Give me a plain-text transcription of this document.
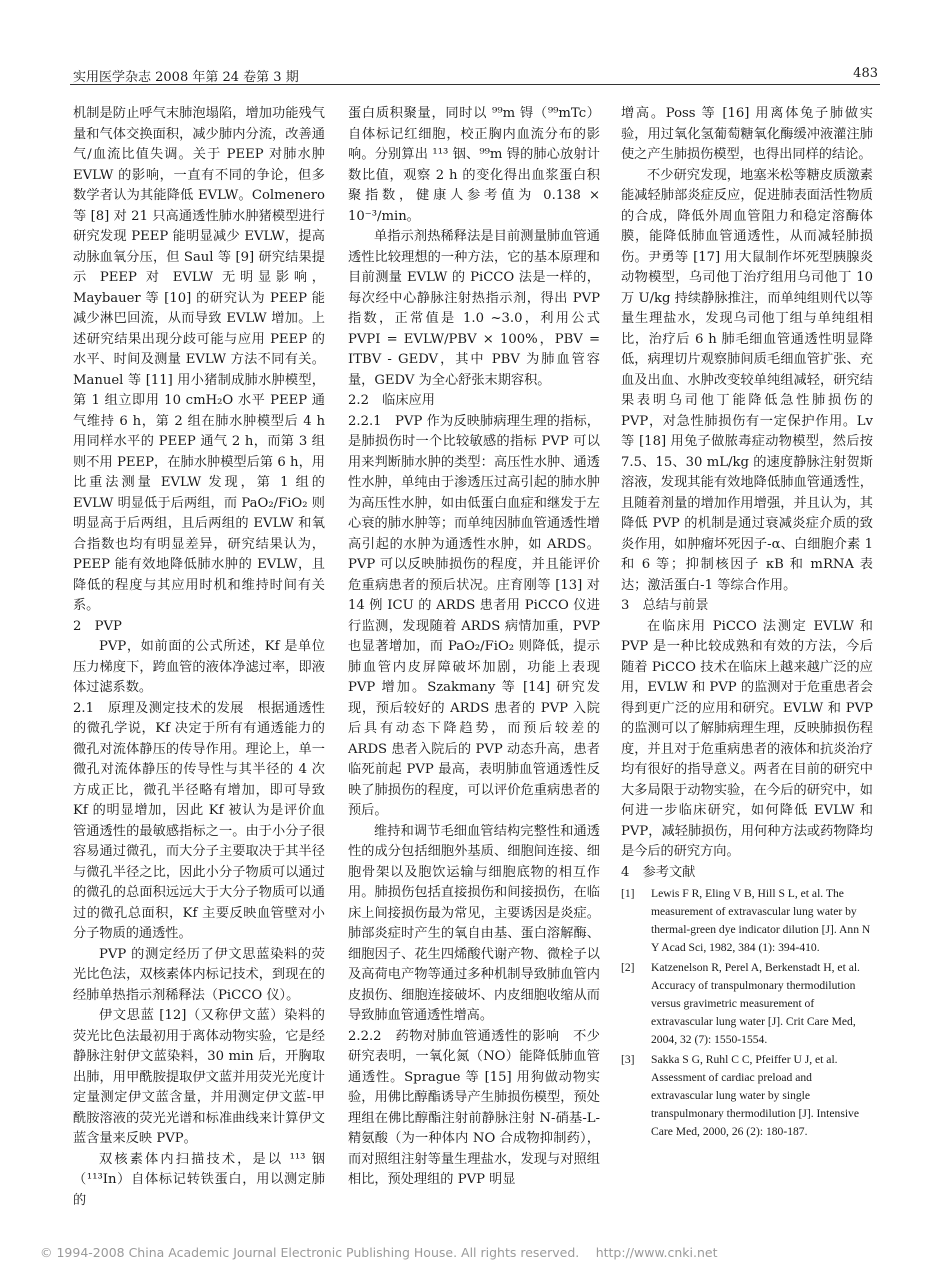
实用医学杂志 2008 年第 24 卷第 3 期	483

机制是防止呼气末肺泡塌陷，增加功能残气量和气体交换面积，减少肺内分流，改善通气/血流比值失调。关于 PEEP 对肺水肿 EVLW 的影响，一直有不同的争论，但多数学者认为其能降低 EVLW。Colmenero 等 [8] 对 21 只高通透性肺水肿猪模型进行研究发现 PEEP 能明显减少 EVLW，提高动脉血氧分压，但 Saul 等 [9] 研究结果提示 PEEP 对 EVLW 无明显影响，Maybauer 等 [10] 的研究认为 PEEP 能减少淋巴回流，从而导致 EVLW 增加。上述研究结果出现分歧可能与应用 PEEP 的水平、时间及测量 EVLW 方法不同有关。Manuel 等 [11] 用小猪制成肺水肿模型，第 1 组立即用 10 cmH₂O 水平 PEEP 通气维持 6 h，第 2 组在肺水肿模型后 4 h 用同样水平的 PEEP 通气 2 h，而第 3 组则不用 PEEP，在肺水肿模型后第 6 h，用比重法测量 EVLW 发现，第 1 组的 EVLW 明显低于后两组，而 PaO₂/FiO₂ 则明显高于后两组，且后两组的 EVLW 和氧合指数也均有明显差异，研究结果认为，PEEP 能有效地降低肺水肿的 EVLW，且降低的程度与其应用时机和维持时间有关系。

2　PVP

PVP，如前面的公式所述，Kf 是单位压力梯度下，跨血管的液体净滤过率，即液体过滤系数。

2.1　原理及测定技术的发展　 根据通透性的微孔学说，Kf 决定于所有有通透能力的微孔对流体静压的传导作用。理论上，单一微孔对流体静压的传导性与其半径的 4 次方成正比，微孔半径略有增加，即可导致 Kf 的明显增加，因此 Kf 被认为是评价血管通透性的最敏感指标之一。由于小分子很容易通过微孔，而大分子主要取决于其半径与微孔半径之比，因此小分子物质可以通过的微孔的总面积远远大于大分子物质可以通过的微孔总面积，Kf 主要反映血管壁对小分子物质的通透性。

PVP 的测定经历了伊文思蓝染料的荧光比色法，双核素体内标记技术，到现在的经肺单热指示剂稀释法（PiCCO 仪）。

伊文思蓝 [12]（又称伊文蓝）染料的荧光比色法最初用于离体动物实验，它是经静脉注射伊文蓝染料，30 min 后，开胸取出肺，用甲酰胺提取伊文蓝并用荧光光度计定量测定伊文蓝含量，并用测定伊文蓝-甲酰胺溶液的荧光光谱和标准曲线来计算伊文蓝含量来反映 PVP。

双核素体内扫描技术，是以 ¹¹³ 铟（¹¹³In）自体标记转铁蛋白，用以测定肺的

蛋白质积聚量，同时以 ⁹⁹m 锝（⁹⁹mTc）自体标记红细胞，校正胸内血流分布的影响。分别算出 ¹¹³ 铟、⁹⁹m 锝的肺心放射计数比值，观察 2 h 的变化得出血浆蛋白积聚指数，健康人参考值为 0.138 × 10⁻³/min。

单指示剂热稀释法是目前测量肺血管通透性比较理想的一种方法，它的基本原理和目前测量 EVLW 的 PiCCO 法是一样的，每次经中心静脉注射热指示剂，得出 PVP 指数，正常值是 1.0 ~3.0，利用公式 PVPI = EVLW/PBV × 100%，PBV = ITBV - GEDV，其中 PBV 为肺血管容量，GEDV 为全心舒张末期容积。

2.2　临床应用

2.2.1　PVP 作为反映肺病理生理的指标，是肺损伤时一个比较敏感的指标 PVP 可以用来判断肺水肿的类型：高压性水肿、通透性水肿，单纯由于渗透压过高引起的肺水肿为高压性水肿，如由低蛋白血症和继发于左心衰的肺水肿等；而单纯因肺血管通透性增高引起的水肿为通透性水肿，如 ARDS。PVP 可以反映肺损伤的程度，并且能评价危重病患者的预后状况。庄育刚等 [13] 对 14 例 ICU 的 ARDS 患者用 PiCCO 仪进行监测，发现随着 ARDS 病情加重，PVP 也显著增加，而 PaO₂/FiO₂ 则降低，提示肺血管内皮屏障破坏加剧，功能上表现 PVP 增加。Szakmany 等 [14] 研究发现，预后较好的 ARDS 患者的 PVP 入院后具有动态下降趋势，而预后较差的 ARDS 患者入院后的 PVP 动态升高，患者临死前起 PVP 最高，表明肺血管通透性反映了肺损伤的程度，可以评价危重病患者的预后。

维持和调节毛细血管结构完整性和通透性的成分包括细胞外基质、细胞间连接、细胞骨架以及胞饮运输与细胞底物的相互作用。肺损伤包括直接损伤和间接损伤，在临床上间接损伤最为常见，主要诱因是炎症。肺部炎症时产生的氧自由基、蛋白溶解酶、细胞因子、花生四烯酸代谢产物、微栓子以及高荷电产物等通过多种机制导致肺血管内皮损伤、细胞连接破坏、内皮细胞收缩从而导致肺血管通透性增高。

2.2.2　药物对肺血管通透性的影响　 不少研究表明，一氧化氮（NO）能降低肺血管通透性。Sprague 等 [15] 用狗做动物实验，用佛比醇酯诱导产生肺损伤模型，预处理组在佛比醇酯注射前静脉注射 N-硝基-L-精氨酸（为一种体内 NO 合成物抑制药），而对照组注射等量生理盐水，发现与对照组相比，预处理组的 PVP 明显

增高。Poss 等 [16] 用离体兔子肺做实验，用过氧化氢葡萄糖氧化酶缓冲液灌注肺使之产生肺损伤模型，也得出同样的结论。

不少研究发现，地塞米松等糖皮质激素能减轻肺部炎症反应，促进肺表面活性物质的合成，降低外周血管阻力和稳定溶酶体膜，能降低肺血管通透性，从而减轻肺损伤。尹勇等 [17] 用大鼠制作坏死型胰腺炎动物模型，乌司他丁治疗组用乌司他丁 10 万 U/kg 持续静脉推注，而单纯组则代以等量生理盐水，发现乌司他丁组与单纯组相比，治疗后 6 h 肺毛细血管通透性明显降低，病理切片观察肺间质毛细血管扩张、充血及出血、水肿改变较单纯组减轻，研究结果表明乌司他丁能降低急性肺损伤的 PVP，对急性肺损伤有一定保护作用。Lv 等 [18] 用兔子做脓毒症动物模型，然后按 7.5、15、30 mL/kg 的速度静脉注射贺斯溶液，发现其能有效地降低肺血管通透性，且随着剂量的增加作用增强，并且认为，其降低 PVP 的机制是通过衰减炎症介质的致炎作用，如肿瘤坏死因子-α、白细胞介素 1 和 6 等；抑制核因子 κB 和 mRNA 表达；激活蛋白-1 等综合作用。

3　总结与前景

在临床用 PiCCO 法测定 EVLW 和 PVP 是一种比较成熟和有效的方法，今后随着 PiCCO 技术在临床上越来越广泛的应用，EVLW 和 PVP 的监测对于危重患者会得到更广泛的应用和研究。EVLW 和 PVP 的监测可以了解肺病理生理，反映肺损伤程度，并且对于危重病患者的液体和抗炎治疗均有很好的指导意义。两者在目前的研究中大多局限于动物实验，在今后的研究中，如何进一步临床研究，如何降低 EVLW 和 PVP，减轻肺损伤，用何种方法或药物降均是今后的研究方向。

4　参考文献

[1]	Lewis F R, Eling V B, Hill S L, et al. The measurement of extravascular lung water by thermal-green dye indicator dilution [J]. Ann N Y Acad Sci, 1982, 384 (1): 394-410.
[2]	Katzenelson R, Perel A, Berkenstadt H, et al. Accuracy of transpulmonary thermodilution versus gravimetric measurement of extravascular lung water [J]. Crit Care Med, 2004, 32 (7): 1550-1554.
[3]	Sakka S G, Ruhl C C, Pfeiffer U J, et al. Assessment of cardiac preload and extravascular lung water by single transpulmonary thermodilution [J]. Intensive Care Med, 2000, 26 (2): 180-187.
© 1994-2008 China Academic Journal Electronic Publishing House. All rights reserved.　 http://www.cnki.net
